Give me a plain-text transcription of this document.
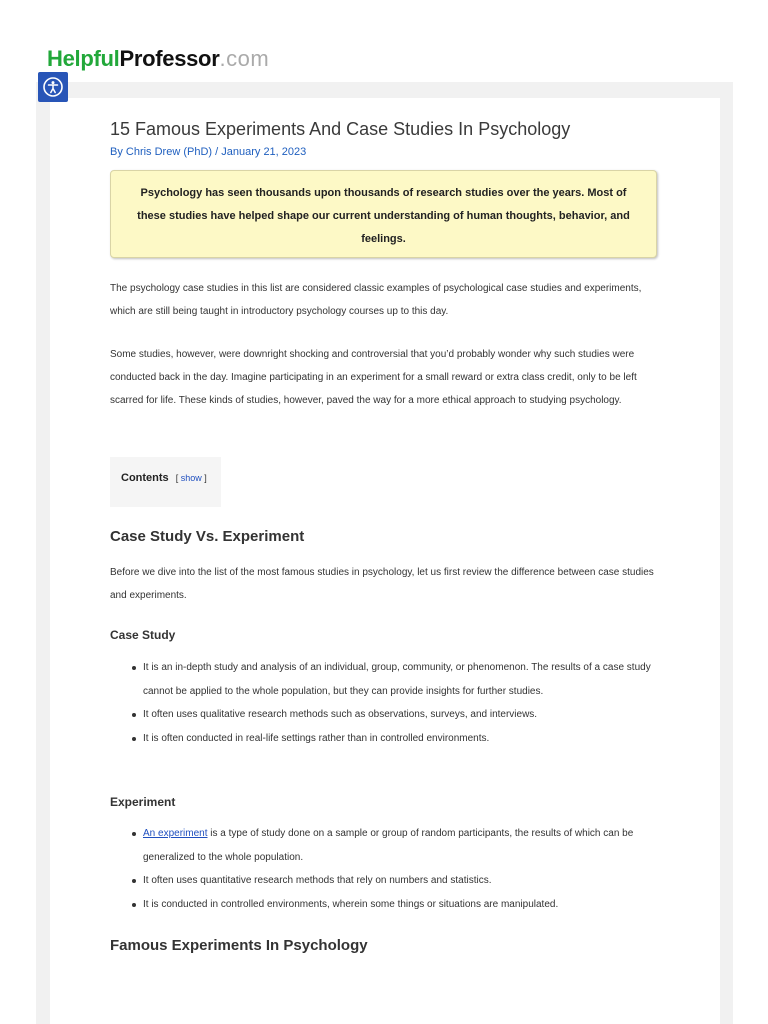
HelpfulProfessor.com
15 Famous Experiments And Case Studies In Psychology
By Chris Drew (PhD) / January 21, 2023
Psychology has seen thousands upon thousands of research studies over the years. Most of these studies have helped shape our current understanding of human thoughts, behavior, and feelings.

The psychology case studies in this list are considered classic examples of psychological case studies and experiments, which are still being taught in introductory psychology courses up to this day.

Some studies, however, were downright shocking and controversial that you’d probably wonder why such studies were conducted back in the day. Imagine participating in an experiment for a small reward or extra class credit, only to be left scarred for life. These kinds of studies, however, paved the way for a more ethical approach to studying psychology.

Contents [ show ]
Case Study Vs. Experiment

Before we dive into the list of the most famous studies in psychology, let us first review the difference between case studies and experiments.

Case Study
It is an in-depth study and analysis of an individual, group, community, or phenomenon. The results of a case study cannot be applied to the whole population, but they can provide insights for further studies.
It often uses qualitative research methods such as observations, surveys, and interviews.
It is often conducted in real-life settings rather than in controlled environments.
Experiment
An experiment is a type of study done on a sample or group of random participants, the results of which can be generalized to the whole population.
It often uses quantitative research methods that rely on numbers and statistics.
It is conducted in controlled environments, wherein some things or situations are manipulated.
Famous Experiments In Psychology
